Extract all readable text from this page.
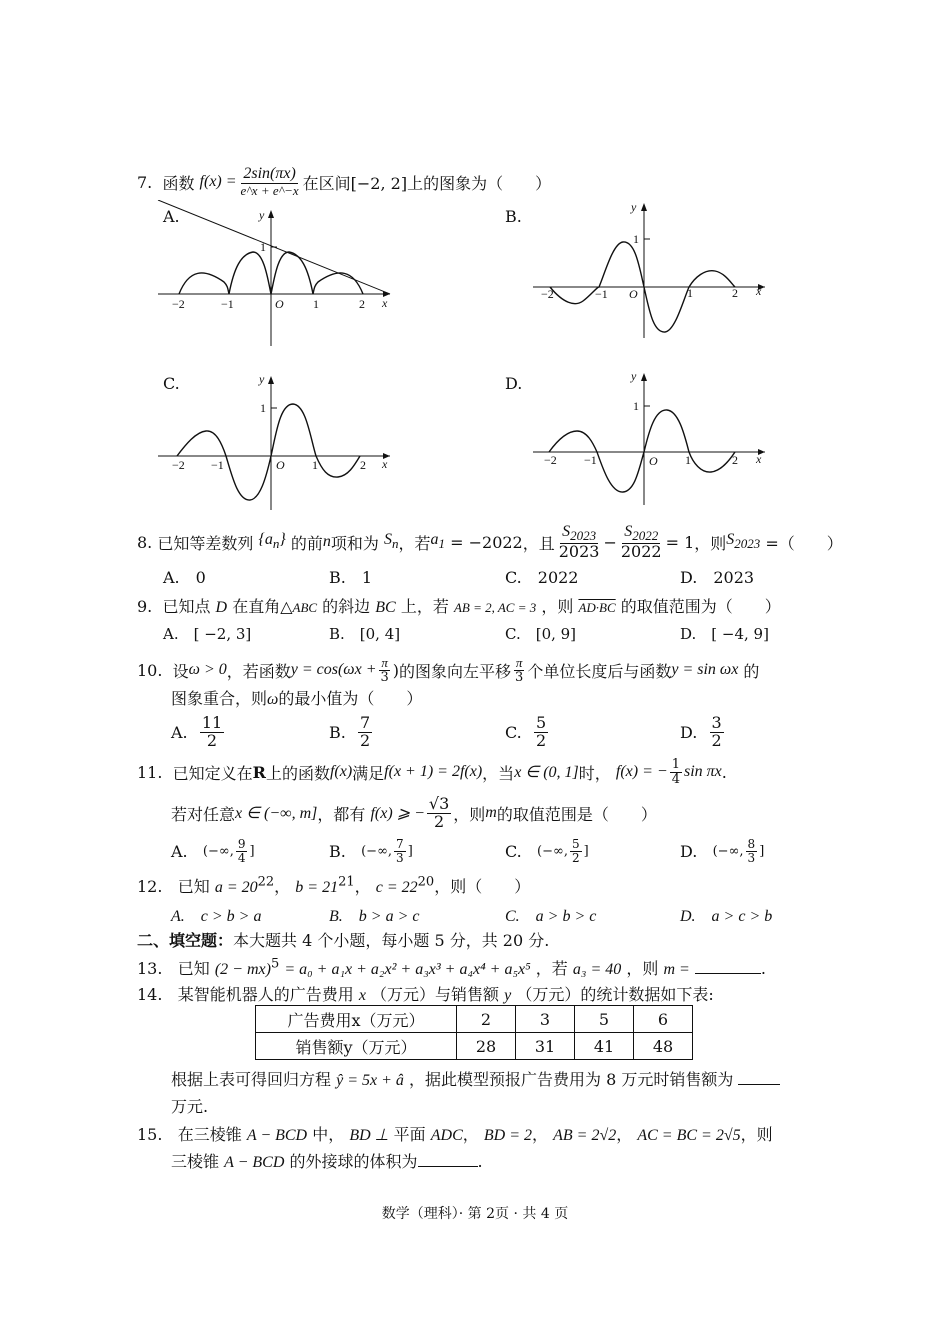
7.
函数
$f(x) = \frac{2\sin(\pi x)}{e\^{}x + e\^{}-x}$ 在区间[−2, 2]上的图象为（　　）
A.	B.
C.	D.
y
x
1
O
−2	−1	1	2
y
x
1
O
−2	−1	1	2
y
x
1
O
−2 −1	1	2
y
x
1
O
−2 −1	1	2
8.
已知等差数列
$\{a_n\}$
的前 n 项和为
$S_n$ ，若 $a_1$
= −2022 ，且 $\frac{S_{2023}}{2023} - \frac{S_{2022}}{2022} = 1$ ，则 $S_{2023}$
=（　　）
A.　0	B.　1	C.　2022	D.　2023
9. 已知点 D 在直角△ABC 的斜边 BC 上，若 AB = 2, AC = 3 ，则 AD·BC 的取值范围为（　　）
A.　[ −2, 3]	B.　[0, 4]	C.　[0, 9]	D.　[ −4, 9]
10.
设 ω > 0 ，若函数 $y = \cos(\omega x + \frac{\pi}{3}$ ) 的图象向左平移 $\frac{\pi}{3}$ 个单位长度后与函数 y = sin ωx
的
图象重合，则ω的最小值为（　　）
A.
$\frac{11}{2}$	B.
$\frac{7}{2}$	C.
$\frac{5}{2}$	D.
$\frac{3}{2}$
11.
已知定义在 R 上的函数 f(x) 满足 f(x + 1) = 2f(x) ，当 x ∈ (0, 1] 时，
f(x) = − $\frac{1}{4}$ sin πx .
若对任意 x ∈ (−∞, m] ，都有
f(x) ⩾ − $\frac{√3}{2}$ ，则 m 的取值范围是（　　）
A.
(−∞, $\frac{9}{4}$ ]	B.
(−∞, $\frac{7}{3}$ ]	C.
(−∞, $\frac{5}{2}$ ]	D.
(−∞, $\frac{8}{3}$ ]
12. 已知 $a = 20^{22}$， $b = 21^{21}$， $c = 22^{20}$，则（　　）
A.　c > b > a	B.　b > a > c	C.　a > b > c	D.　a > c > b
二、填空题：本大题共 4 个小题，每小题 5 分，共 20 分.
13. 已知 (2 − mx)$^5$ = a₀ + a₁x + a₂x² + a₃x³ + a₄x⁴ + a₅x⁵ ，若 a₃ = 40 ，则 m =	.
14. 某智能机器人的广告费用 x （万元）与销售额 y （万元）的统计数据如下表:
广告费用x（万元）	2	3	5	6
销售额y（万元）	28	31	41	48
根据上表可得回归方程 ŷ = 5x + â ，据此模型预报广告费用为 8 万元时销售额为
万元.
15. 在三棱锥 A − BCD 中， BD ⊥ 平面 ADC， BD = 2， AB = 2√2， AC = BC = 2√5，则
三棱锥 A − BCD 的外接球的体积为	.
数学（理科）· 第 2页 · 共 4 页
